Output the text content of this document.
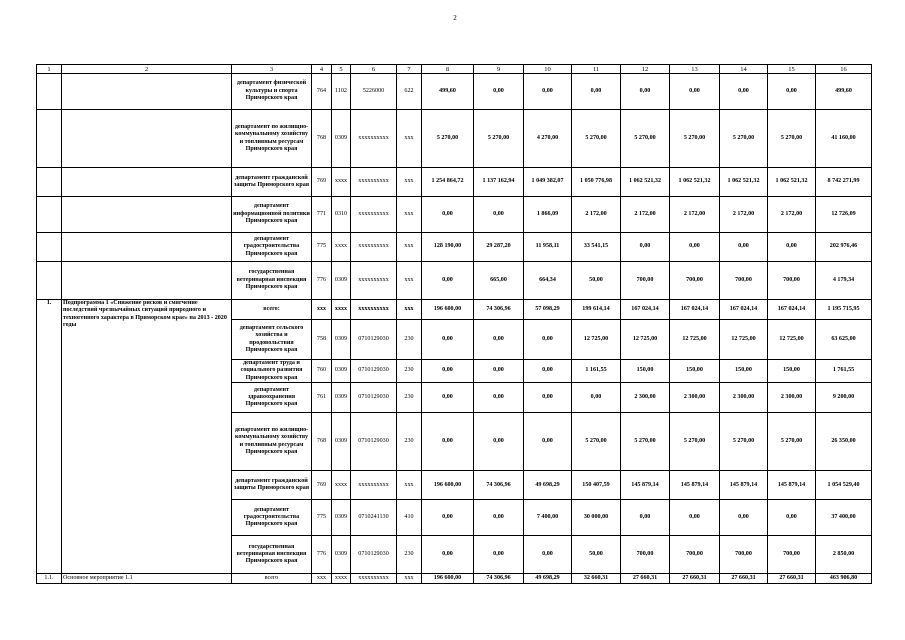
2
1	2	3	4	5	6	7	8	9	10	11	12	13	14	15	16
		департамент физической культуры и спорта Приморского края	764	1102	5226000	622	499,60	0,00	0,00	0,00	0,00	0,00	0,00	0,00	499,60
		департамент по жилищно-коммунальному хозяйству и топливным ресурсам Приморского края	768	0309	xxxxxxxxxx	xxx	5 270,00	5 270,00	4 270,00	5 270,00	5 270,00	5 270,00	5 270,00	5 270,00	41 160,00
		департамент гражданской защиты Приморского края	769	xxxx	xxxxxxxxxx	xxx	1 254 864,72	1 137 162,94	1 049 382,07	1 050 776,98	1 062 521,32	1 062 521,32	1 062 521,32	1 062 521,32	8 742 271,99
		департамент информационной политики Приморского края	771	0310	xxxxxxxxxx	xxx	0,00	0,00	1 866,09	2 172,00	2 172,00	2 172,00	2 172,00	2 172,00	12 726,09
		департамент градостроительства Приморского края	775	xxxx	xxxxxxxxxx	xxx	128 190,00	29 287,20	11 958,11	33 541,15	0,00	0,00	0,00	0,00	202 976,46
		государственная ветеринарная инспекция Приморского края	776	0309	xxxxxxxxxx	xxx	0,00	665,00	664,34	50,00	700,00	700,00	700,00	700,00	4 179,34
1.	Подпрограмма 1 «Снижение рисков и смягчение последствий чрезвычайных ситуаций природного и техногенного характера в Приморском крае» на 2013 - 2020 годы	всего:	xxx	xxxx	xxxxxxxxxx	xxx	196 600,00	74 306,96	57 098,29	199 614,14	167 024,14	167 024,14	167 024,14	167 024,14	1 195 715,95
		департамент сельского хозяйства и продовольствия Приморского края	758	0309	0710129030	230	0,00	0,00	0,00	12 725,00	12 725,00	12 725,00	12 725,00	12 725,00	63 625,00
		департамент труда и социального развития Приморского края	760	0309	0710129030	230	0,00	0,00	0,00	1 161,55	150,00	150,00	150,00	150,00	1 761,55
		департамент здравоохранения Приморского края	761	0309	0710129030	230	0,00	0,00	0,00	0,00	2 300,00	2 300,00	2 300,00	2 300,00	9 200,00
		департамент по жилищно-коммунальному хозяйству и топливным ресурсам Приморского края	768	0309	0710129030	230	0,00	0,00	0,00	5 270,00	5 270,00	5 270,00	5 270,00	5 270,00	26 350,00
		департамент гражданской защиты Приморского края	769	xxxx	xxxxxxxxxx	xxx	196 600,00	74 306,96	49 698,29	150 407,59	145 879,14	145 879,14	145 879,14	145 879,14	1 054 529,40
		департамент градостроительства Приморского края	775	0309	0710241130	410	0,00	0,00	7 400,00	30 000,00	0,00	0,00	0,00	0,00	37 400,00
		государственная ветеринарная инспекция Приморского края	776	0309	0710129030	230	0,00	0,00	0,00	50,00	700,00	700,00	700,00	700,00	2 850,00
1.1.	Основное мероприятие 1.1	всего	xxx	xxxx	xxxxxxxxxx	xxx	196 600,00	74 306,96	49 698,29	32 660,31	27 660,31	27 660,31	27 660,31	27 660,31	463 906,80
